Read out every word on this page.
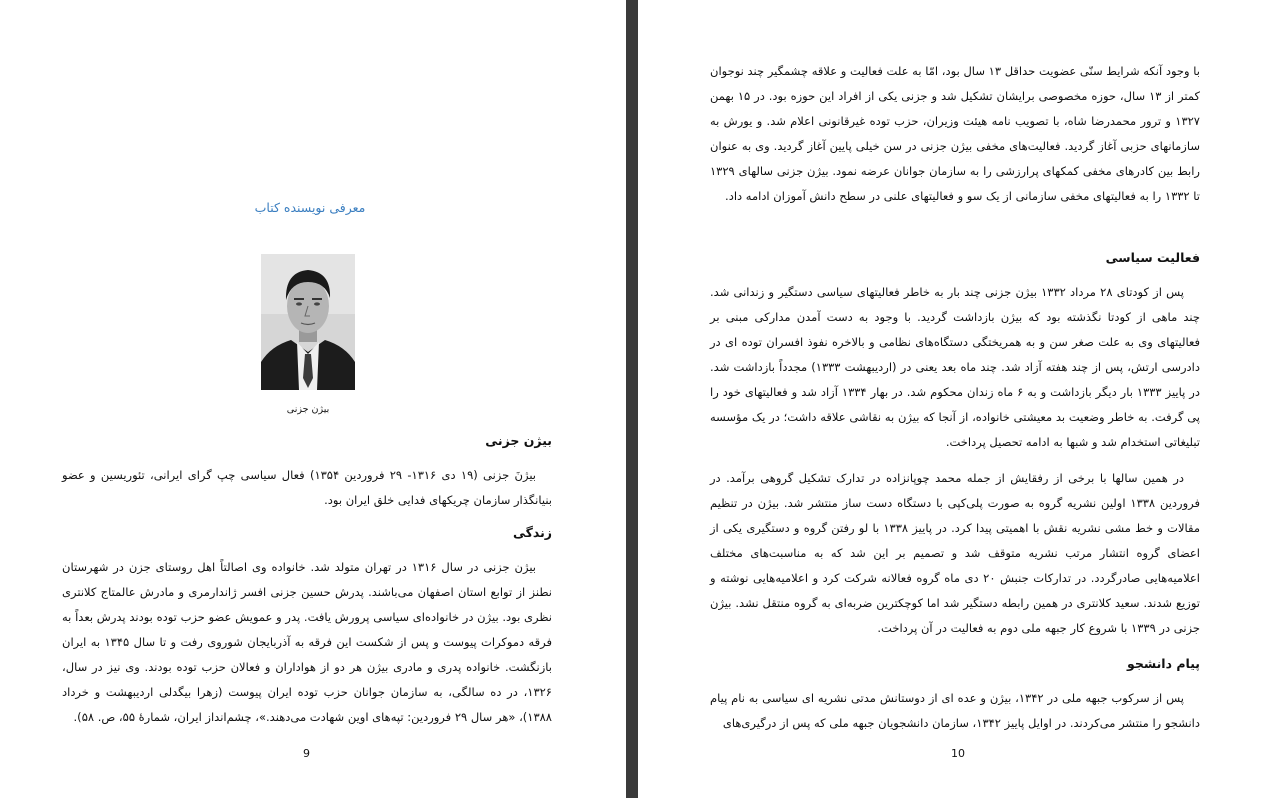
معرفی نویسنده کتاب
بیژن جزنی
بیژن جزنی

بیژنَ جزنی (۱۹ دی ۱۳۱۶- ۲۹ فروردین ۱۳۵۴) فعال سیاسی چپ گرای ایرانی، تئوریسین و عضو بنیانگذار سازمان چریکهای فدایی خلق ایران بود.

زندگی

بیژن جزنی در سال ۱۳۱۶ در تهران متولد شد. خانواده وی اصالتاً اهل روستای جزن در شهرستان نطنز از توابع استان اصفهان می‌باشند. پدرش حسین جزنی افسر ژاندارمری و مادرش عالمتاج کلانتری نظری بود. بیژن در خانواده‌ای سیاسی پرورش یافت. پدر و عمویش عضو حزب توده بودند پدرش بعداً به فرقه دموکرات پیوست و پس از شکست این فرقه به آذربایجان شوروی رفت و تا سال ۱۳۴۵ به ایران بازنگشت. خانواده پدری و مادری بیژن هر دو از هواداران و فعالان حزب توده بودند. وی نیز در سال، ۱۳۲۶، در ده سالگی، به سازمان جوانان حزب توده ایران پیوست (زهرا بیگدلی اردیبهشت و خرداد ۱۳۸۸)، «هر سال ۲۹ فروردین: تپه‌های اوین شهادت می‌دهند.»، چشم‌انداز ایران، شمارهٔ ۵۵، ص. ۵۸).

9

با وجود آنکه شرایط سنّی عضویت حداقل ۱۳ سال بود، امّا به علت فعالیت و علاقه چشمگیر چند نوجوان کمتر از ۱۳ سال، حوزه مخصوصی برایشان تشکیل شد و جزنی یکی از افراد این حوزه بود. در ۱۵ بهمن ۱۳۲۷ و ترور محمدرضا شاه، با تصویب نامه هیئت وزیران، حزب توده غیرقانونی اعلام شد. و یورش به سازمانهای حزبی آغاز گردید. فعالیت‌های مخفی بیژن جزنی در سن خیلی پایین آغاز گردید. وی به عنوان رابط بین کادرهای مخفی کمکهای پرارزشی را به سازمان جوانان عرضه نمود. بیژن جزنی سالهای ۱۳۲۹ تا ۱۳۳۲ را به فعالیتهای مخفی سازمانی از یک سو و فعالیتهای علنی در سطح دانش آموزان ادامه داد.

فعالیت سیاسی

پس از کودتای ۲۸ مرداد ۱۳۳۲ بیژن جزنی چند بار به خاطر فعالیتهای سیاسی دستگیر و زندانی شد. چند ماهی از کودتا نگذشته بود که بیژن بازداشت گردید. با وجود به دست آمدن مدارکی مبنی بر فعالیتهای وی به علت صغر سن و به همریختگی دستگاه‌های نظامی و بالاخره نفوذ افسران توده ای در دادرسی ارتش، پس از چند هفته آزاد شد. چند ماه بعد یعنی در (اردیبهشت ۱۳۳۳) مجدداً بازداشت شد. در پاییز ۱۳۳۳ بار دیگر بازداشت و به ۶ ماه زندان محکوم شد. در بهار ۱۳۳۴ آزاد شد و فعالیتهای خود را پی گرفت. به خاطر وضعیت بد معیشتی خانواده، از آنجا که بیژن به نقاشی علاقه داشت؛ در یک مؤسسه تبلیغاتی استخدام شد و شبها به ادامه تحصیل پرداخت.

در همین سالها با برخی از رفقایش از جمله محمد چوپانزاده در تدارک تشکیل گروهی برآمد. در فروردین ۱۳۳۸ اولین نشریه گروه به صورت پلی‌کپی با دستگاه دست ساز منتشر شد. بیژن در تنظیم مقالات و خط مشی نشریه نقش با اهمیتی پیدا کرد. در پاییز ۱۳۳۸ با لو رفتن گروه و دستگیری یکی از اعضای گروه انتشار مرتب نشریه متوقف شد و تصمیم بر این شد که به مناسبت‌های مختلف اعلامیه‌هایی صادرگردد. در تدارکات جنبش ۲۰ دی ماه گروه فعالانه شرکت کرد و اعلامیه‌هایی نوشته و توزیع شدند. سعید کلانتری در همین رابطه دستگیر شد اما کوچکترین ضربه‌ای به گروه منتقل نشد. بیژن جزنی در ۱۳۳۹ با شروع کار جبهه ملی دوم به فعالیت در آن پرداخت.

پیام دانشجو

پس از سرکوب جبهه ملی در ۱۳۴۲، بیژن و عده ای از دوستانش مدتی نشریه ای سیاسی به نام پیام دانشجو را منتشر می‌کردند. در اوایل پاییز ۱۳۴۲، سازمان دانشجویان جبهه ملی که پس از درگیری‌های

10
